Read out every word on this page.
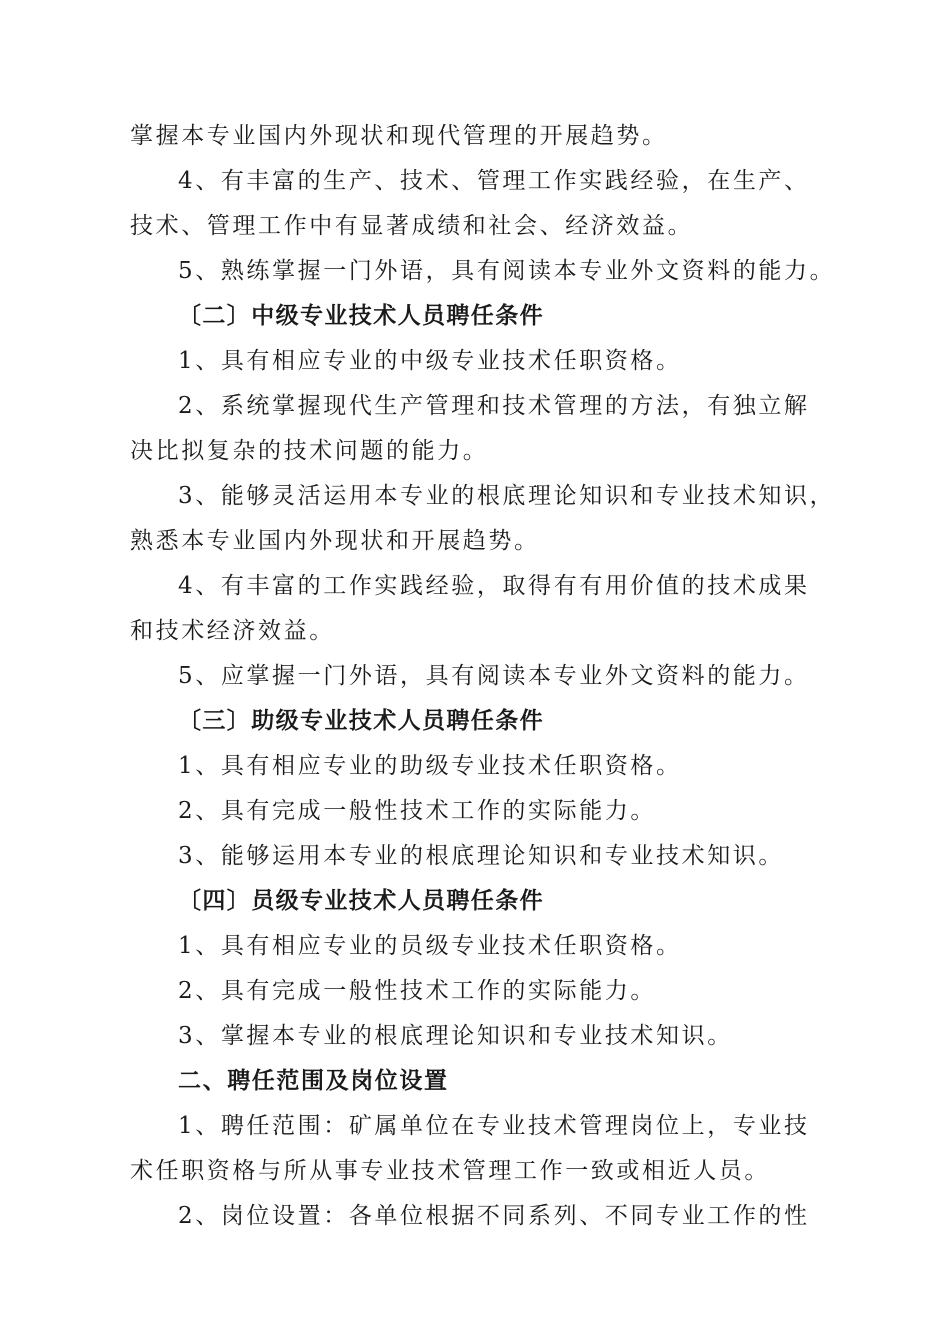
掌握本专业国内外现状和现代管理的开展趋势。
4、有丰富的生产、技术、管理工作实践经验，在生产、
技术、管理工作中有显著成绩和社会、经济效益。
5、熟练掌握一门外语，具有阅读本专业外文资料的能力。
〔二〕中级专业技术人员聘任条件
1、具有相应专业的中级专业技术任职资格。
2、系统掌握现代生产管理和技术管理的方法，有独立解
决比拟复杂的技术问题的能力。
3、能够灵活运用本专业的根底理论知识和专业技术知识，
熟悉本专业国内外现状和开展趋势。
4、有丰富的工作实践经验，取得有有用价值的技术成果
和技术经济效益。
5、应掌握一门外语，具有阅读本专业外文资料的能力。
〔三〕助级专业技术人员聘任条件
1、具有相应专业的助级专业技术任职资格。
2、具有完成一般性技术工作的实际能力。
3、能够运用本专业的根底理论知识和专业技术知识。
〔四〕员级专业技术人员聘任条件
1、具有相应专业的员级专业技术任职资格。
2、具有完成一般性技术工作的实际能力。
3、掌握本专业的根底理论知识和专业技术知识。
二、聘任范围及岗位设置
1、聘任范围：矿属单位在专业技术管理岗位上，专业技
术任职资格与所从事专业技术管理工作一致或相近人员。
2、岗位设置：各单位根据不同系列、不同专业工作的性
